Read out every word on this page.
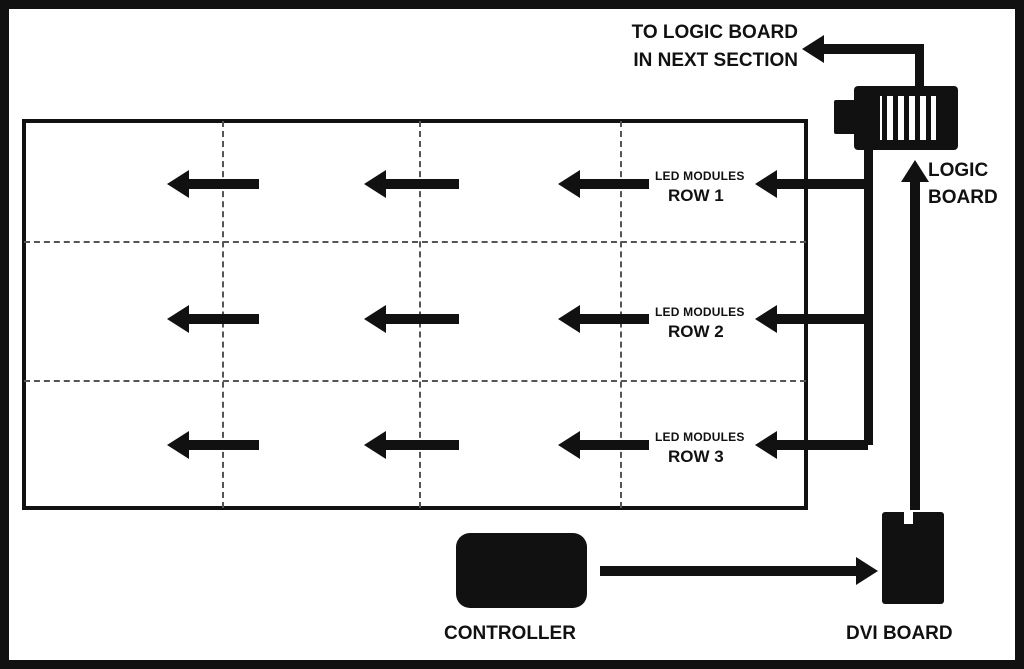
LED MODULES
ROW 1
LED MODULES
ROW 2
LED MODULES
ROW 3
TO LOGIC BOARD
IN NEXT SECTION
LOGIC
BOARD
DVI BOARD
CONTROLLER
